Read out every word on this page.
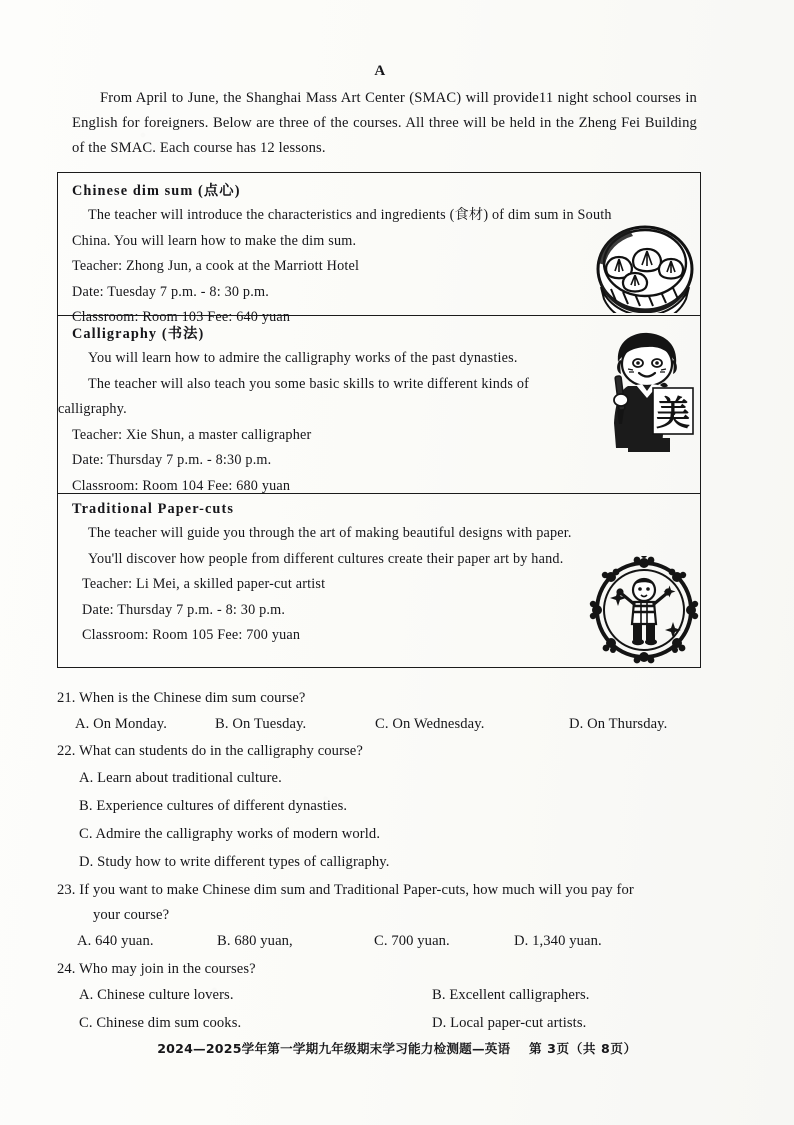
A
From April to June, the Shanghai Mass Art Center (SMAC) will provide11 night school courses in English for foreigners. Below are three of the courses. All three will be held in the Zheng Fei Building of the SMAC. Each course has 12 lessons.
Chinese dim sum (点心)
The teacher will introduce the characteristics and ingredients (食材) of dim sum in South
China. You will learn how to make the dim sum.
Teacher: Zhong Jun, a cook at the Marriott Hotel
Date: Tuesday 7 p.m. - 8: 30 p.m.
Classroom: Room 103 Fee: 640 yuan
Calligraphy (书法)
You will learn how to admire the calligraphy works of the past dynasties.
The teacher will also teach you some basic skills to write different kinds of
calligraphy.
Teacher: Xie Shun, a master calligrapher
Date: Thursday 7 p.m. - 8:30 p.m.
Classroom: Room 104 Fee: 680 yuan
美
Traditional Paper-cuts
The teacher will guide you through the art of making beautiful designs with paper.
You'll discover how people from different cultures create their paper art by hand.
Teacher: Li Mei, a skilled paper-cut artist
Date: Thursday 7 p.m. - 8: 30 p.m.
Classroom: Room 105 Fee: 700 yuan
21. When is the Chinese dim sum course?
A. On Monday.	B. On Tuesday.	C. On Wednesday.	D. On Thursday.
22. What can students do in the calligraphy course?
A. Learn about traditional culture.
B. Experience cultures of different dynasties.
C. Admire the calligraphy works of modern world.
D. Study how to write different types of calligraphy.
23. If you want to make Chinese dim sum and Traditional Paper-cuts, how much will you pay for
your course?
A. 640 yuan.	B. 680 yuan,	C. 700 yuan.	D. 1,340 yuan.
24. Who may join in the courses?
A. Chinese culture lovers.	B. Excellent calligraphers.
C. Chinese dim sum cooks.	D. Local paper-cut artists.
2024—2025学年第一学期九年级期末学习能力检测题—英语 第 3页（共 8页）
